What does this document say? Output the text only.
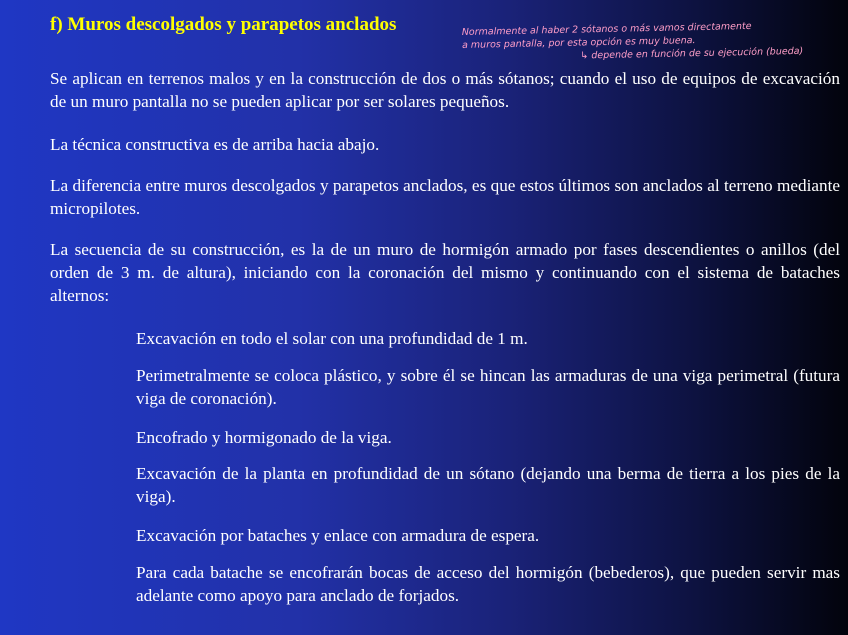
f) Muros descolgados y parapetos anclados	Normalmente al haber 2 sótanos o más vamos directamente
a muros pantalla, por esta opción es muy buena.
↳ depende en función de su ejecución (bueda)
Se aplican en terrenos malos y en la construcción de dos o más sótanos; cuando el uso de equipos de excavación de un muro pantalla no se pueden aplicar por ser solares pequeños.
La técnica constructiva es de arriba hacia abajo.
La diferencia entre muros descolgados y parapetos anclados, es que estos últimos son anclados al terreno mediante micropilotes.
La secuencia de su construcción, es la de un muro de hormigón armado por fases descendientes o anillos (del orden de 3 m. de altura), iniciando con la coronación del mismo y continuando con el sistema de bataches alternos:
Excavación en todo el solar con una profundidad de 1 m.
Perimetralmente se coloca plástico, y sobre él se hincan las armaduras de una viga perimetral (futura viga de coronación).
Encofrado y hormigonado de la viga.
Excavación de la planta en profundidad de un sótano (dejando una berma de tierra a los pies de la viga).
Excavación por bataches y enlace con armadura de espera.
Para cada batache se encofrarán bocas de acceso del hormigón (bebederos), que pueden servir mas adelante como apoyo para anclado de forjados.
